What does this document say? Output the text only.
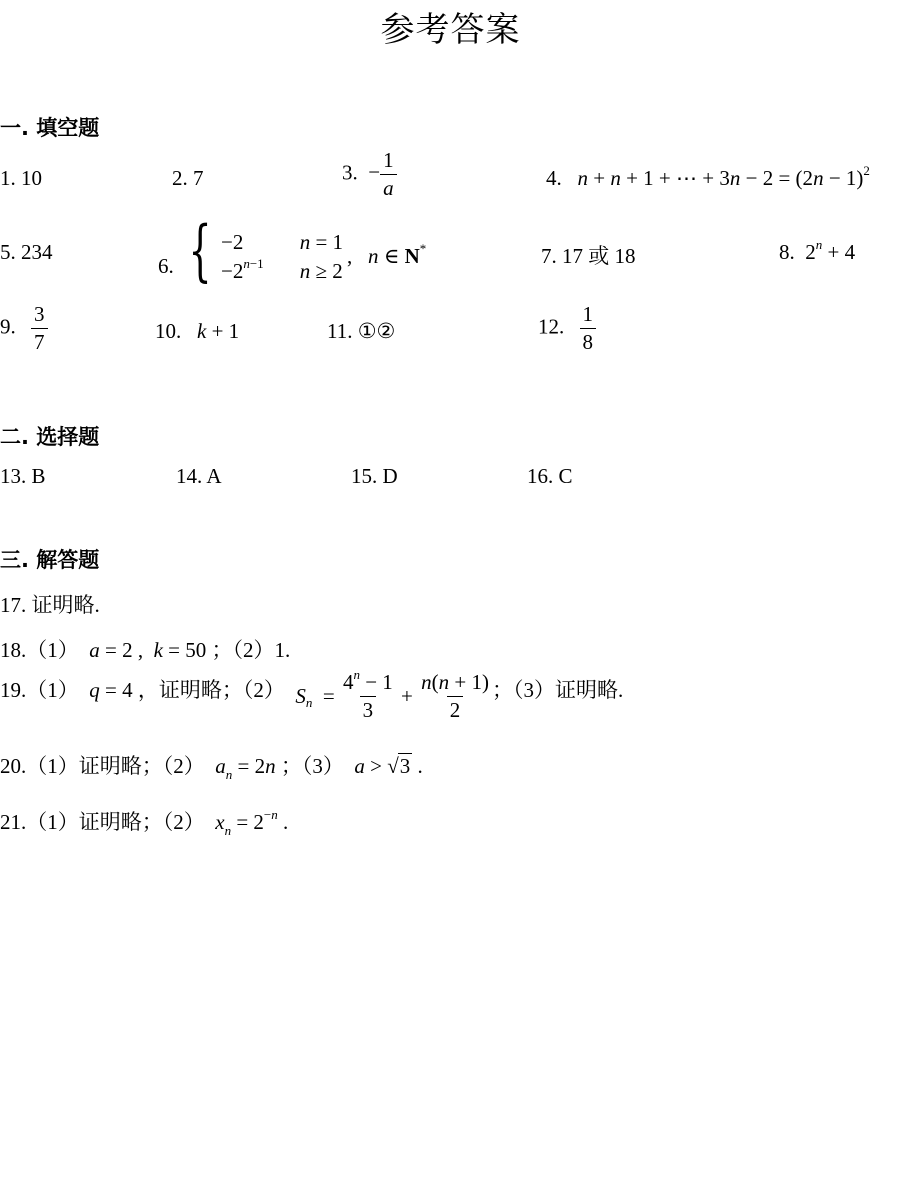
参考答案
一. 填空题
1. 10	2. 7	3.  − $\frac{1}{a}$	4. n + n + 1 + ⋯ + $3n - 2 = (2n - 1)^2$
5. 234
6. { −2	n = 1
$-2^{n-1}$ n ≥ 2
,   n ∈ N*	7. 17 或 18	8.  $2^n + 4$
9. $\frac{3}{7}$	10. k + 1	11. ①②	12. $\frac{1}{8}$
二. 选择题
13. B	14. A	15. D	16. C
三. 解答题
17. 证明略.
18.（1） a = 2 ,  k = 50 ；（2）1.
19.（1）  q = 4 ，证明略；（2） S $n = \frac{4^n - 1}{3} + \frac{n(n + 1)}{2}$ ；（3）证明略.
20.（1）证明略；（2） $a_n = 2n$ ；（3） a > √3 .
21.（1）证明略；（2） $x_n = 2^{-n}$ .
